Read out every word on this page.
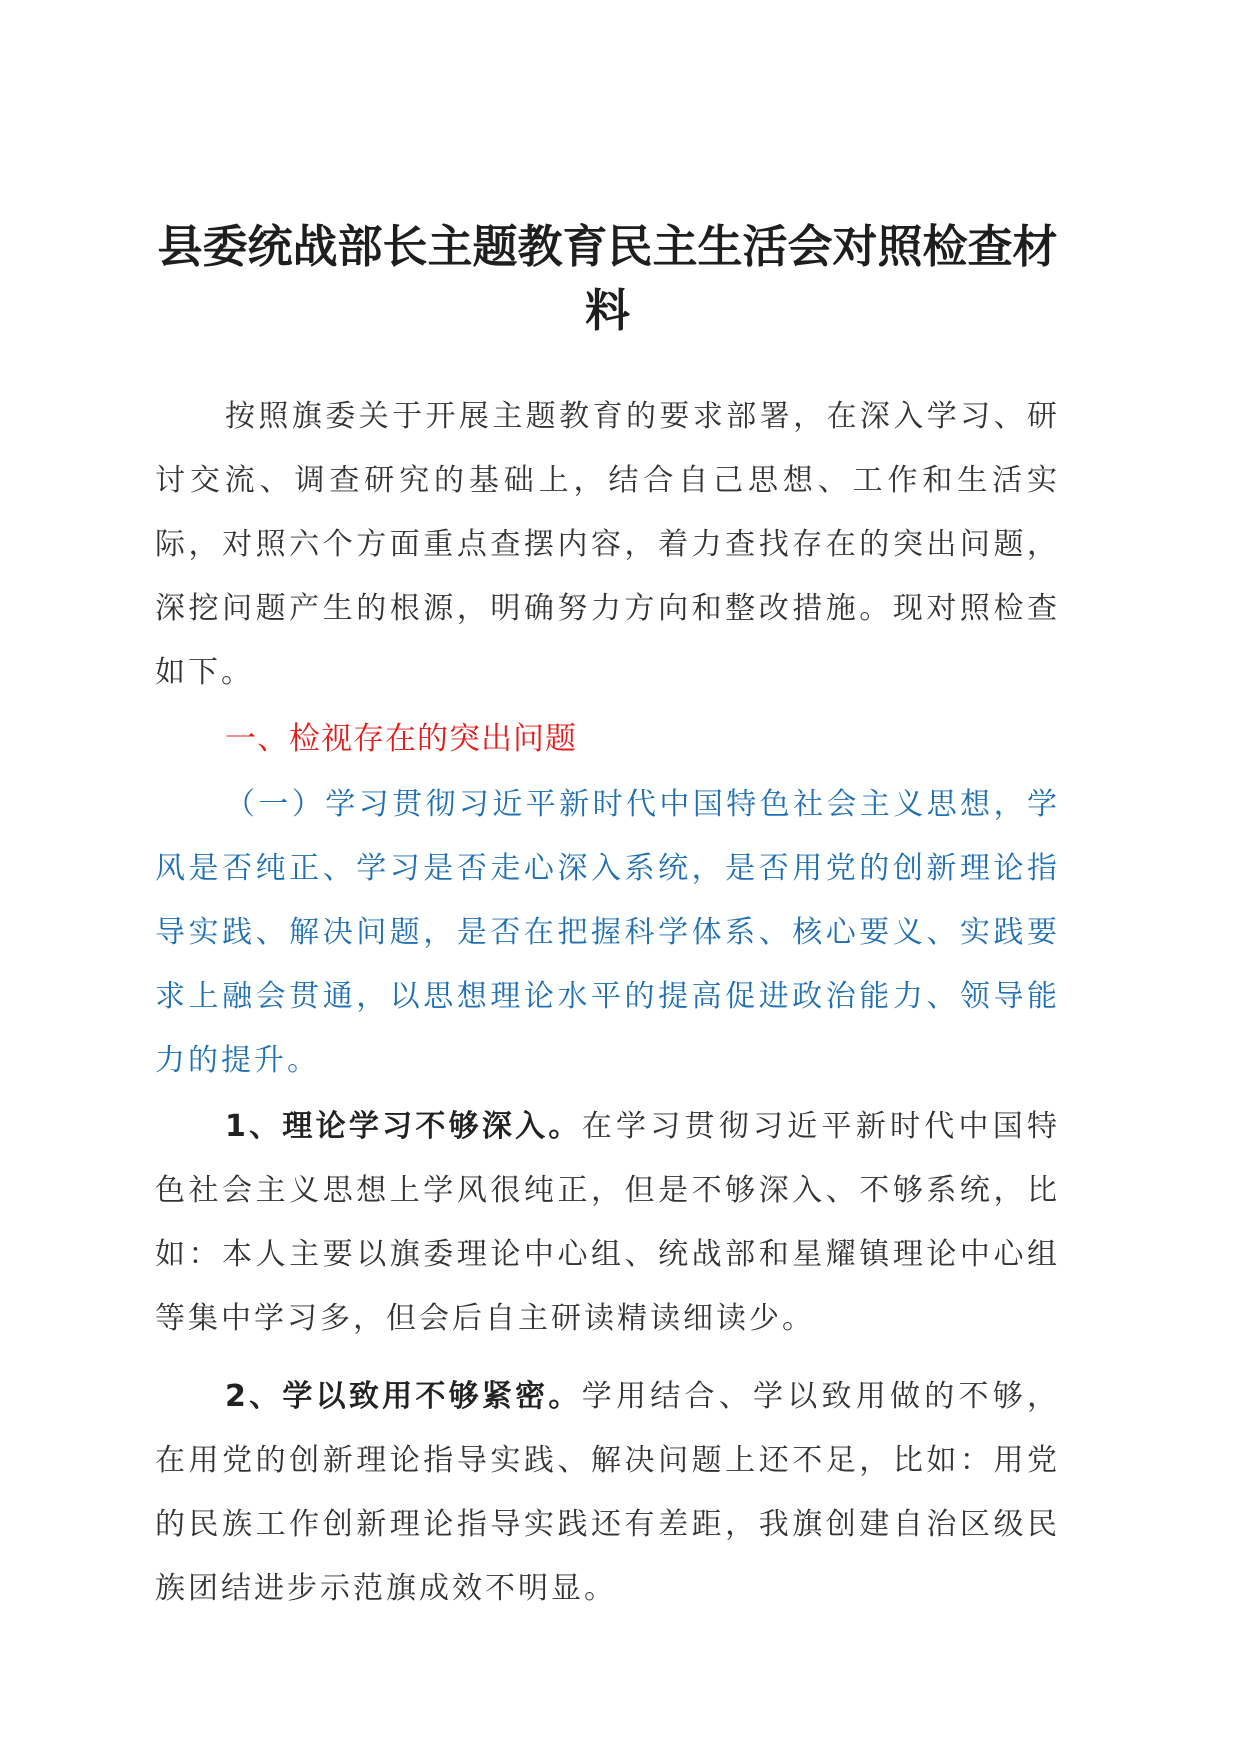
县委统战部长主题教育民主生活会对照检查材料

按照旗委关于开展主题教育的要求部署，在深入学习、研讨交流、调查研究的基础上，结合自己思想、工作和生活实际，对照六个方面重点查摆内容，着力查找存在的突出问题，深挖问题产生的根源，明确努力方向和整改措施。现对照检查如下。

一、检视存在的突出问题

（一）学习贯彻习近平新时代中国特色社会主义思想，学风是否纯正、学习是否走心深入系统，是否用党的创新理论指导实践、解决问题，是否在把握科学体系、核心要义、实践要求上融会贯通，以思想理论水平的提高促进政治能力、领导能力的提升。

1、理论学习不够深入。在学习贯彻习近平新时代中国特色社会主义思想上学风很纯正，但是不够深入、不够系统，比如：本人主要以旗委理论中心组、统战部和星耀镇理论中心组等集中学习多，但会后自主研读精读细读少。

2、学以致用不够紧密。学用结合、学以致用做的不够，在用党的创新理论指导实践、解决问题上还不足，比如：用党的民族工作创新理论指导实践还有差距，我旗创建自治区级民族团结进步示范旗成效不明显。
